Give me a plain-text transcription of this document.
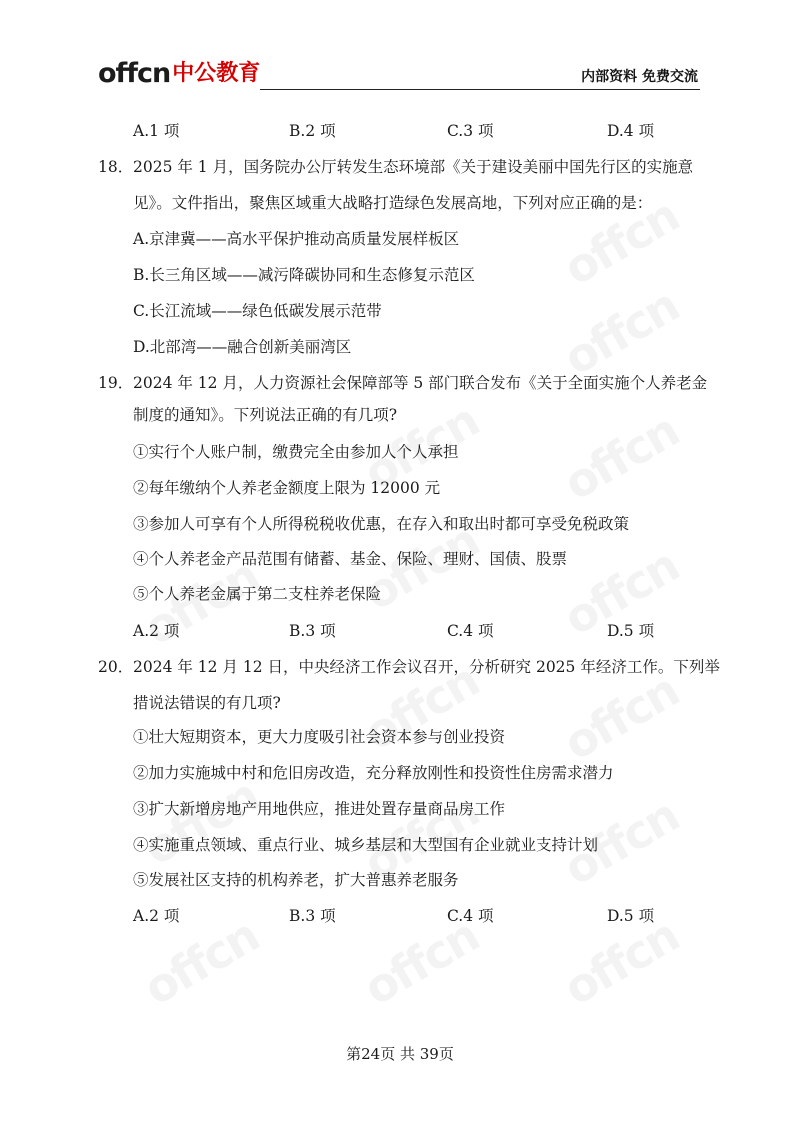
offcn 中公教育	内部资料 免费交流
A.1 项	B.2 项	C.3 项	D.4 项
18． 2025 年 1 月，国务院办公厅转发生态环境部《关于建设美丽中国先行区的实施意
见》。文件指出，聚焦区域重大战略打造绿色发展高地，下列对应正确的是：
A.京津冀——高水平保护推动高质量发展样板区
B.长三角区域——减污降碳协同和生态修复示范区
C.长江流域——绿色低碳发展示范带
D.北部湾——融合创新美丽湾区
19． 2024 年 12 月，人力资源社会保障部等 5 部门联合发布《关于全面实施个人养老金
制度的通知》。下列说法正确的有几项?
①实行个人账户制，缴费完全由参加人个人承担
②每年缴纳个人养老金额度上限为 12000 元
③参加人可享有个人所得税税收优惠，在存入和取出时都可享受免税政策
④个人养老金产品范围有储蓄、基金、保险、理财、国债、股票
⑤个人养老金属于第二支柱养老保险
A.2 项	B.3 项	C.4 项	D.5 项
20． 2024 年 12 月 12 日，中央经济工作会议召开，分析研究 2025 年经济工作。下列举
措说法错误的有几项?
①壮大短期资本，更大力度吸引社会资本参与创业投资
②加力实施城中村和危旧房改造，充分释放刚性和投资性住房需求潜力
③扩大新增房地产用地供应，推进处置存量商品房工作
④实施重点领域、重点行业、城乡基层和大型国有企业就业支持计划
⑤发展社区支持的机构养老，扩大普惠养老服务
A.2 项	B.3 项	C.4 项	D.5 项
第24页 共 39页
